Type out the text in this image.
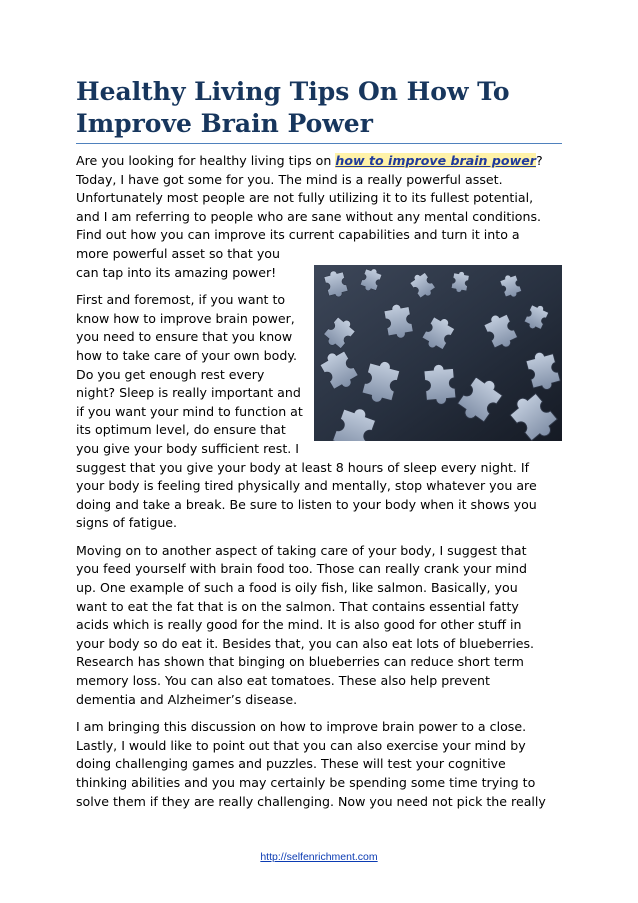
Healthy Living Tips On How To
Improve Brain Power
Are you looking for healthy living tips on how to improve brain power?
Today, I have got some for you. The mind is a really powerful asset.
Unfortunately most people are not fully utilizing it to its fullest potential,
and I am referring to people who are sane without any mental conditions.
Find out how you can improve its current capabilities and turn it into a
more powerful asset so that you
can tap into its amazing power!
First and foremost, if you want to
know how to improve brain power,
you need to ensure that you know
how to take care of your own body.
Do you get enough rest every
night? Sleep is really important and
if you want your mind to function at
its optimum level, do ensure that
you give your body sufficient rest. I
suggest that you give your body at least 8 hours of sleep every night. If
your body is feeling tired physically and mentally, stop whatever you are
doing and take a break. Be sure to listen to your body when it shows you
signs of fatigue.
Moving on to another aspect of taking care of your body, I suggest that
you feed yourself with brain food too. Those can really crank your mind
up. One example of such a food is oily fish, like salmon. Basically, you
want to eat the fat that is on the salmon. That contains essential fatty
acids which is really good for the mind. It is also good for other stuff in
your body so do eat it. Besides that, you can also eat lots of blueberries.
Research has shown that binging on blueberries can reduce short term
memory loss. You can also eat tomatoes. These also help prevent
dementia and Alzheimer’s disease.
I am bringing this discussion on how to improve brain power to a close.
Lastly, I would like to point out that you can also exercise your mind by
doing challenging games and puzzles. These will test your cognitive
thinking abilities and you may certainly be spending some time trying to
solve them if they are really challenging. Now you need not pick the really
http://selfenrichment.com
